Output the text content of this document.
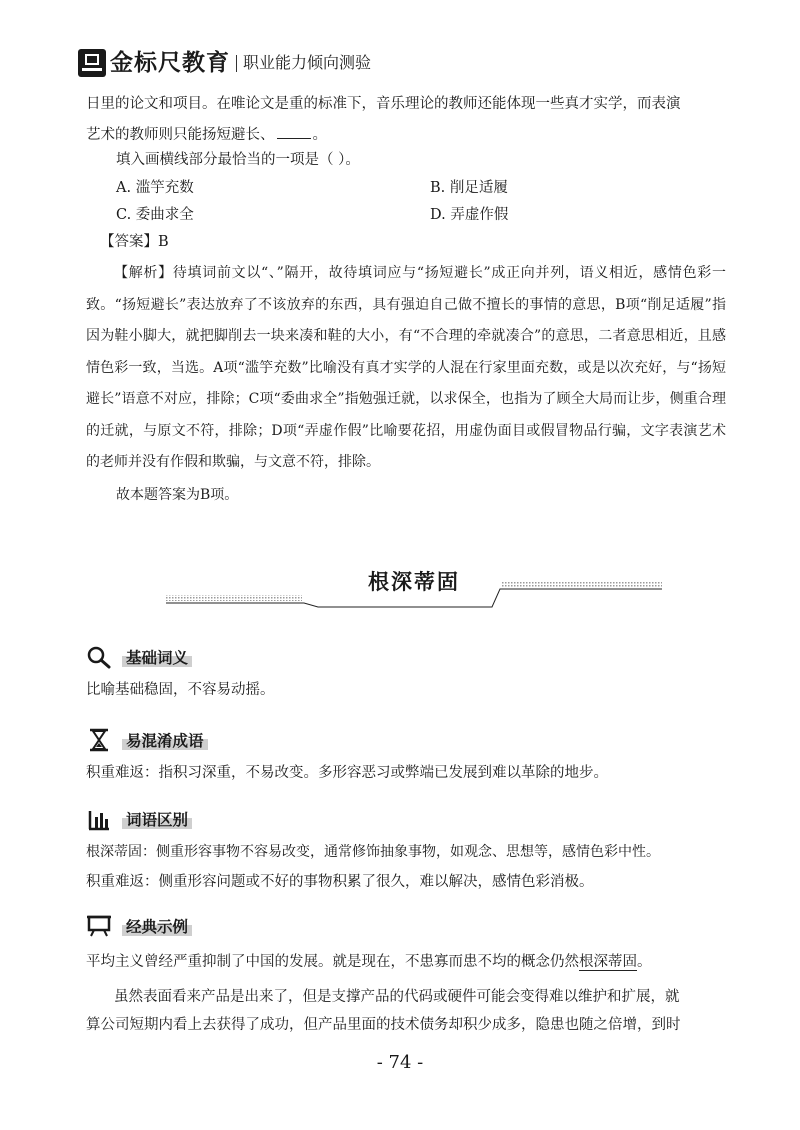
金标尺教育 职业能力倾向测验

日里的论文和项目。在唯论文是重的标准下，音乐理论的教师还能体现一些真才实学，而表演

艺术的教师则只能扬短避长、	。

填入画横线部分最恰当的一项是（ ）。

A. 滥竽充数	B. 削足适履
C. 委曲求全	D. 弄虚作假
【答案】B

【解析】待填词前文以“、”隔开，故待填词应与“扬短避长”成正向并列，语义相近，感情色彩一致。“扬短避长”表达放弃了不该放弃的东西，具有强迫自己做不擅长的事情的意思，B项“削足适履”指因为鞋小脚大，就把脚削去一块来凑和鞋的大小，有“不合理的牵就凑合”的意思，二者意思相近，且感情色彩一致，当选。A项“滥竽充数”比喻没有真才实学的人混在行家里面充数，或是以次充好，与“扬短避长”语意不对应，排除；C项“委曲求全”指勉强迁就，以求保全，也指为了顾全大局而让步，侧重合理的迁就，与原文不符，排除；D项“弄虚作假”比喻要花招，用虚伪面目或假冒物品行骗，文字表演艺术的老师并没有作假和欺骗，与文意不符，排除。

故本题答案为B项。

根深蒂固
基础词义

比喻基础稳固，不容易动摇。

易混淆成语

积重难返：指积习深重，不易改变。多形容恶习或弊端已发展到难以革除的地步。

词语区别

根深蒂固：侧重形容事物不容易改变，通常修饰抽象事物，如观念、思想等，感情色彩中性。

积重难返：侧重形容问题或不好的事物积累了很久，难以解决，感情色彩消极。

经典示例

平均主义曾经严重抑制了中国的发展。就是现在，不患寡而患不均的概念仍然根深蒂固。

虽然表面看来产品是出来了，但是支撑产品的代码或硬件可能会变得难以维护和扩展，就

算公司短期内看上去获得了成功，但产品里面的技术债务却积少成多，隐患也随之倍增，到时

- 74 -
